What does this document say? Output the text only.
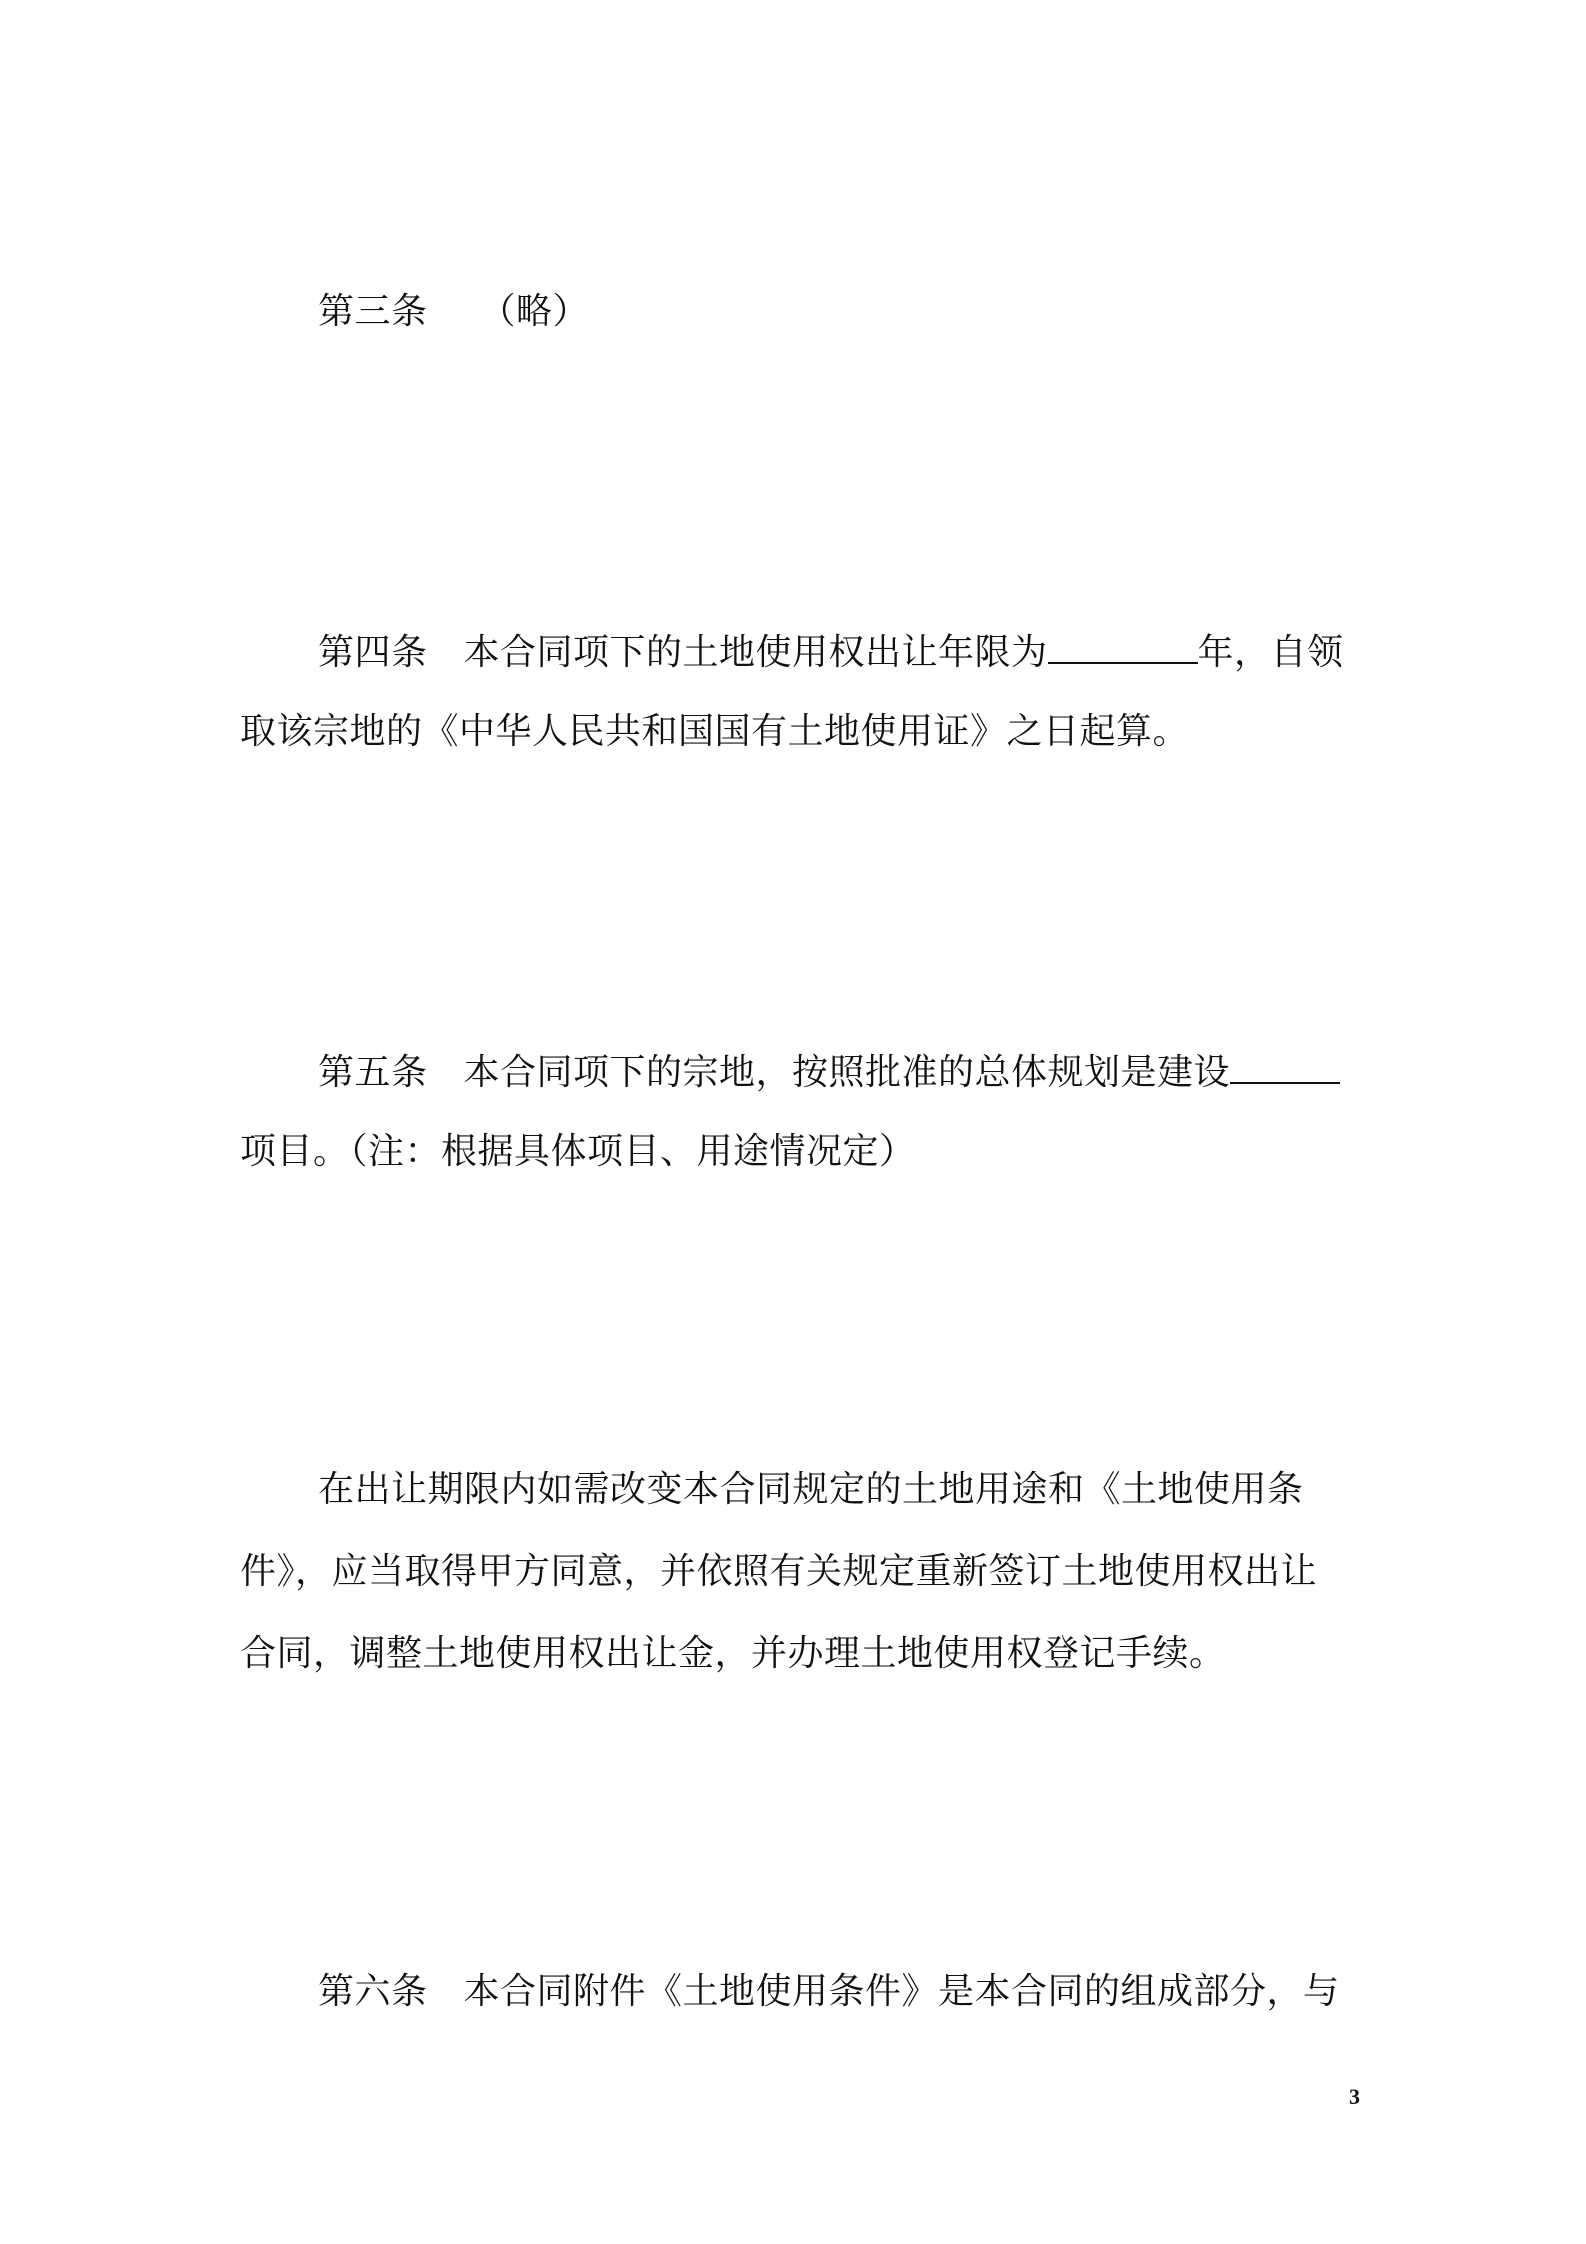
第三条 （略）
第四条 本合同项下的土地使用权出让年限为	年，自领
取该宗地的《中华人民共和国国有土地使用证》之日起算。
第五条 本合同项下的宗地，按照批准的总体规划是建设
项目。（注：根据具体项目、用途情况定）
在出让期限内如需改变本合同规定的土地用途和《土地使用条
件》，应当取得甲方同意，并依照有关规定重新签订土地使用权出让
合同，调整土地使用权出让金，并办理土地使用权登记手续。
第六条 本合同附件《土地使用条件》是本合同的组成部分，与
3
